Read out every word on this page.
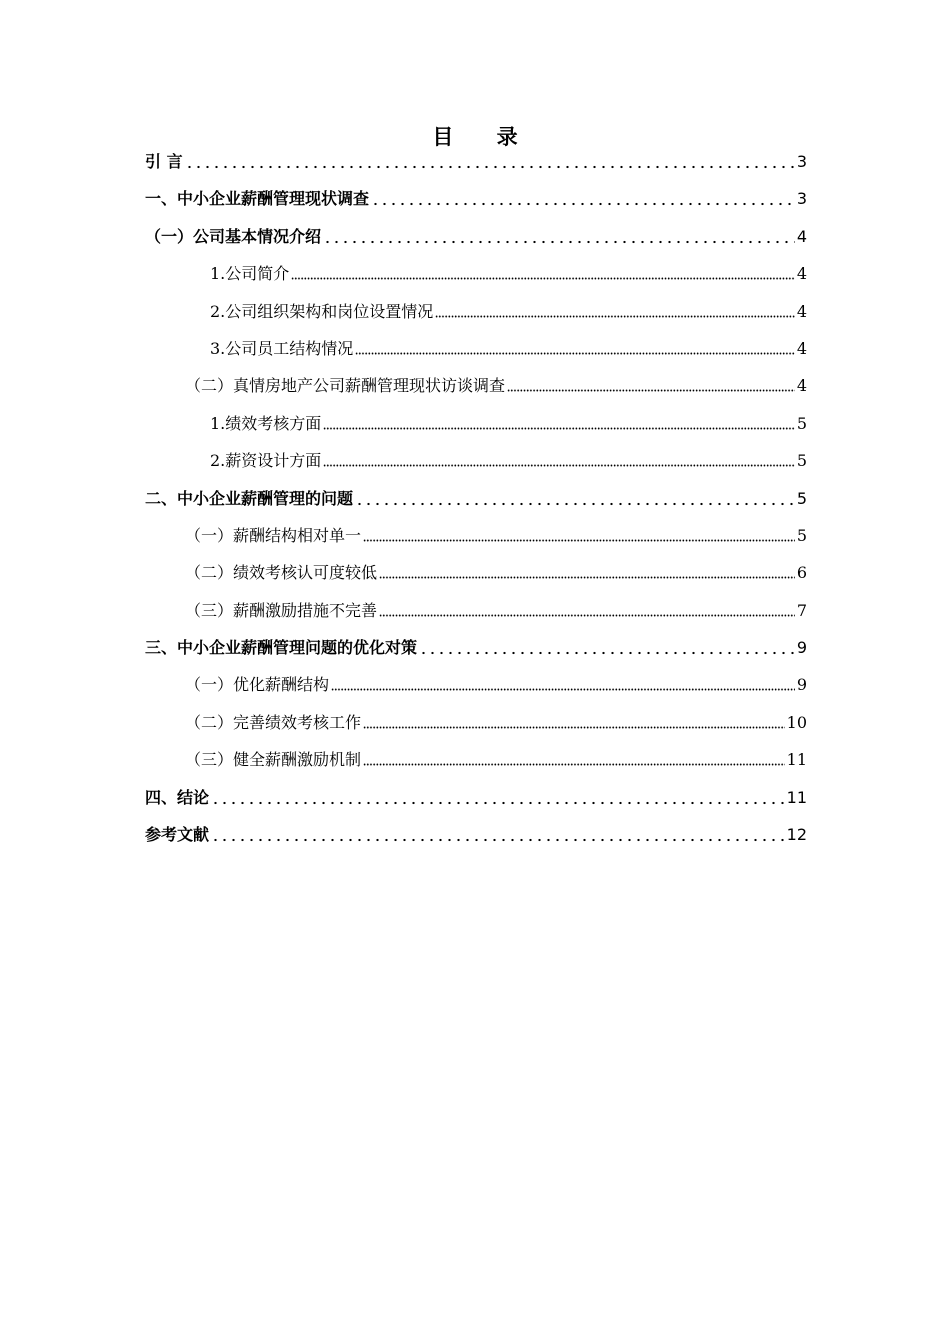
目 录
引 言	3
一、中小企业薪酬管理现状调查	3
（一）公司基本情况介绍	4
1.公司简介	4
2.公司组织架构和岗位设置情况	4
3.公司员工结构情况	4
（二）真情房地产公司薪酬管理现状访谈调查	4
1.绩效考核方面	5
2.薪资设计方面	5
二、中小企业薪酬管理的问题	5
（一）薪酬结构相对单一	5
（二）绩效考核认可度较低	6
（三）薪酬激励措施不完善	7
三、中小企业薪酬管理问题的优化对策	9
（一）优化薪酬结构	9
（二）完善绩效考核工作	10
（三）健全薪酬激励机制	11
四、结论	11
参考文献	12
